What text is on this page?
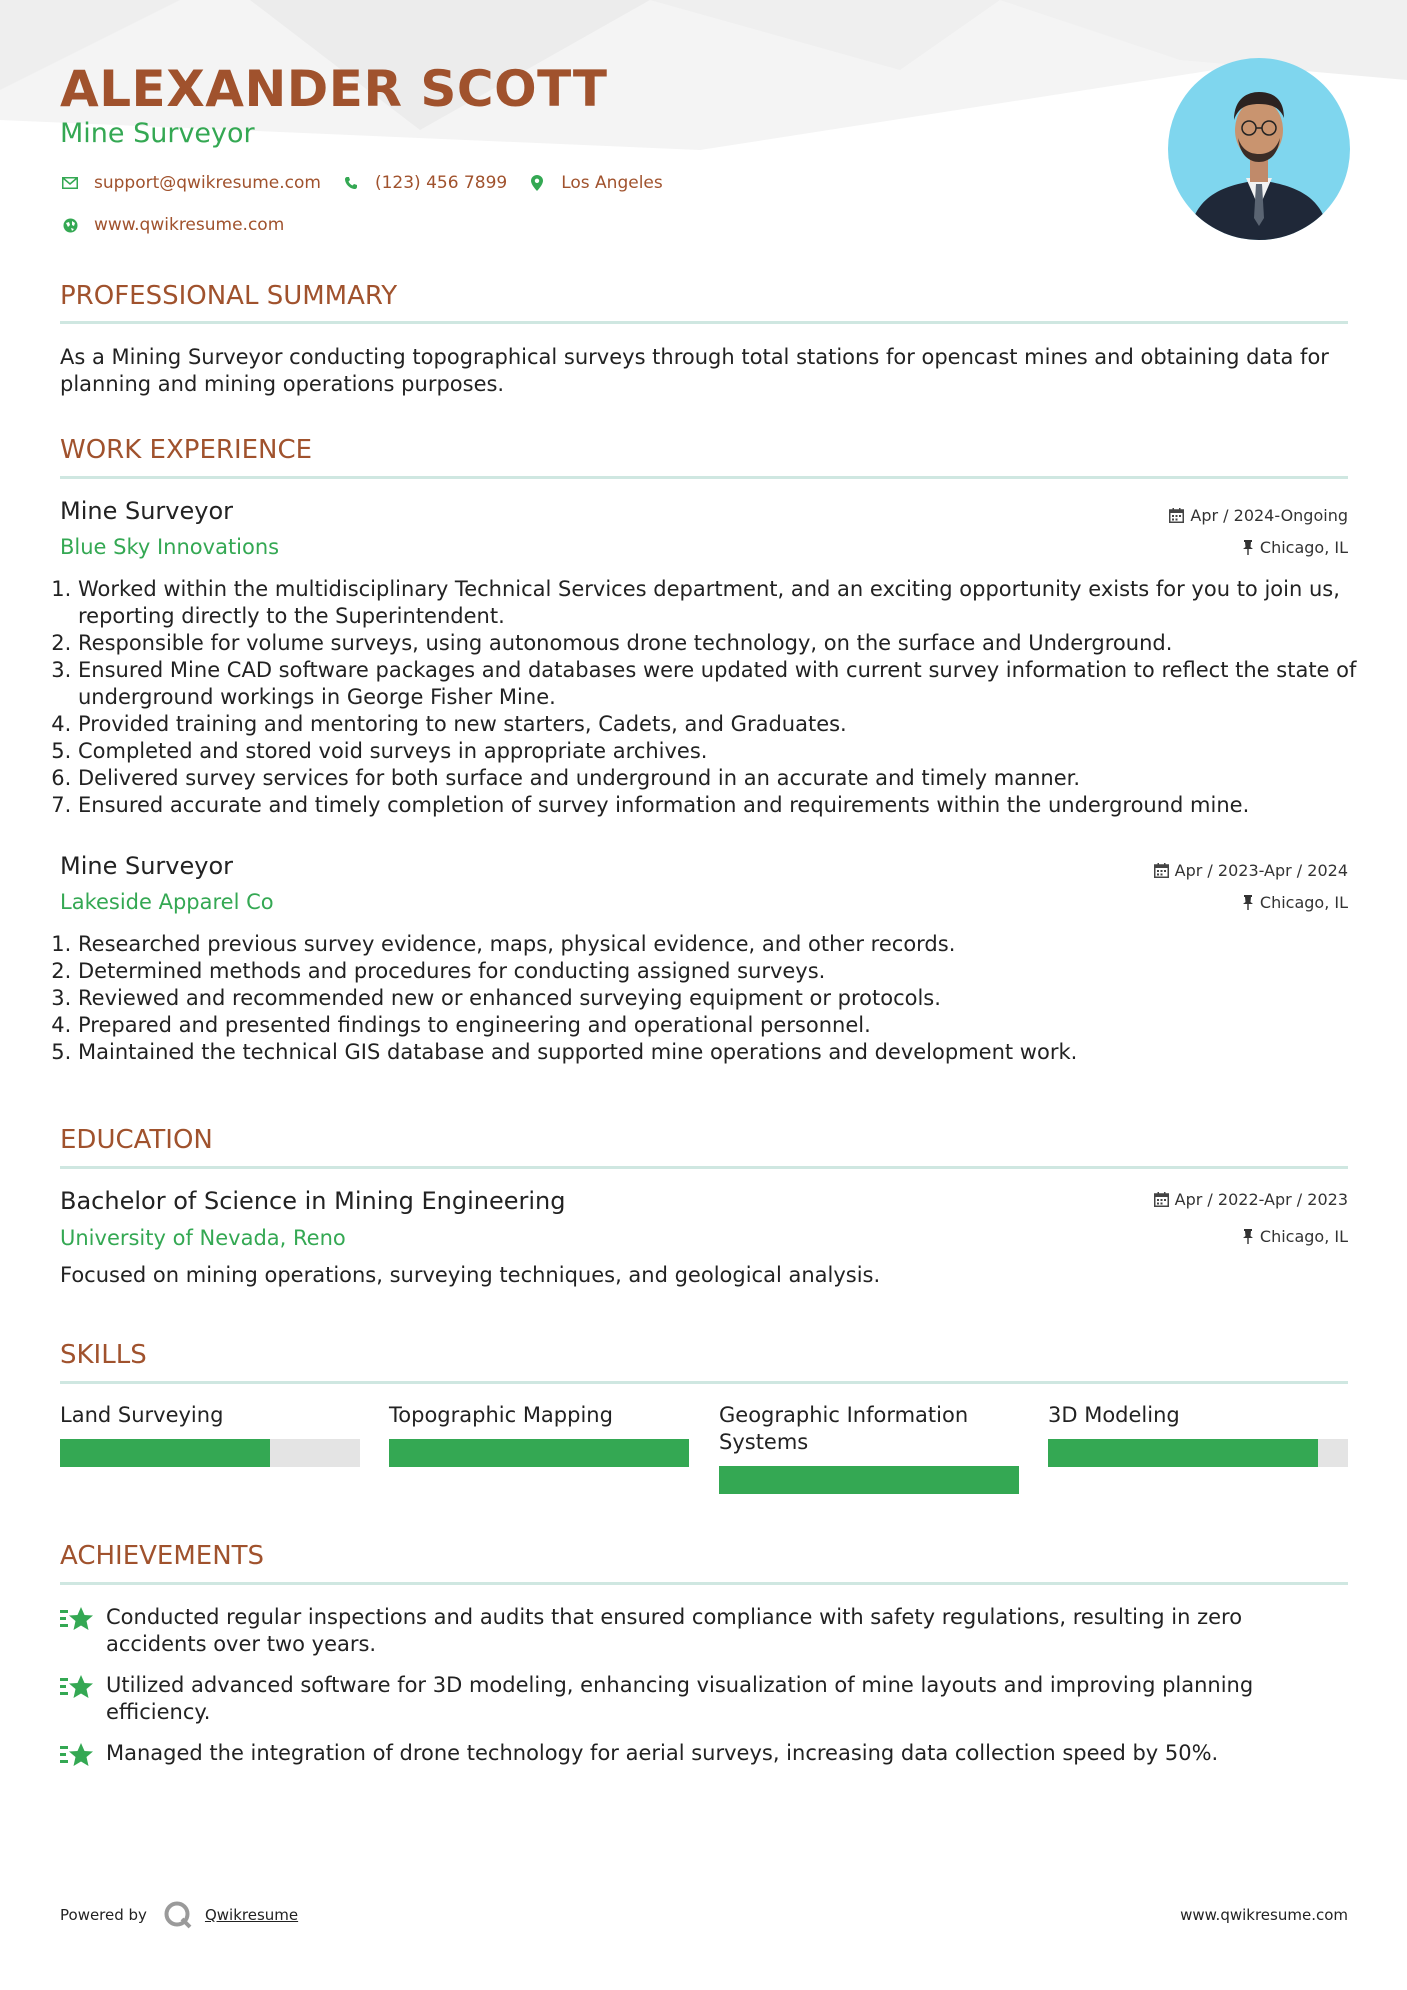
ALEXANDER SCOTT
Mine Surveyor
support@qwikresume.com	(123) 456 7899	Los Angeles
www.qwikresume.com
PROFESSIONAL SUMMARY
As a Mining Surveyor conducting topographical surveys through total stations for opencast mines and obtaining data for planning and mining operations purposes.
WORK EXPERIENCE
Mine Surveyor
Blue Sky Innovations
Apr / 2024-Ongoing
Chicago, IL
1. Worked within the multidisciplinary Technical Services department, and an exciting opportunity exists for you to join us, reporting directly to the Superintendent.
2. Responsible for volume surveys, using autonomous drone technology, on the surface and Underground.
3. Ensured Mine CAD software packages and databases were updated with current survey information to reflect the state of underground workings in George Fisher Mine.
4. Provided training and mentoring to new starters, Cadets, and Graduates.
5. Completed and stored void surveys in appropriate archives.
6. Delivered survey services for both surface and underground in an accurate and timely manner.
7. Ensured accurate and timely completion of survey information and requirements within the underground mine.
Mine Surveyor
Lakeside Apparel Co
Apr / 2023-Apr / 2024
Chicago, IL
1. Researched previous survey evidence, maps, physical evidence, and other records.
2. Determined methods and procedures for conducting assigned surveys.
3. Reviewed and recommended new or enhanced surveying equipment or protocols.
4. Prepared and presented findings to engineering and operational personnel.
5. Maintained the technical GIS database and supported mine operations and development work.
EDUCATION
Bachelor of Science in Mining Engineering
University of Nevada, Reno
Apr / 2022-Apr / 2023
Chicago, IL
Focused on mining operations, surveying techniques, and geological analysis.
SKILLS
Land Surveying	Topographic Mapping	Geographic Information Systems
3D Modeling
ACHIEVEMENTS
Conducted regular inspections and audits that ensured compliance with safety regulations, resulting in zero accidents over two years.
Utilized advanced software for 3D modeling, enhancing visualization of mine layouts and improving planning efficiency.
Managed the integration of drone technology for aerial surveys, increasing data collection speed by 50%.
Powered by	Qwikresume	www.qwikresume.com
